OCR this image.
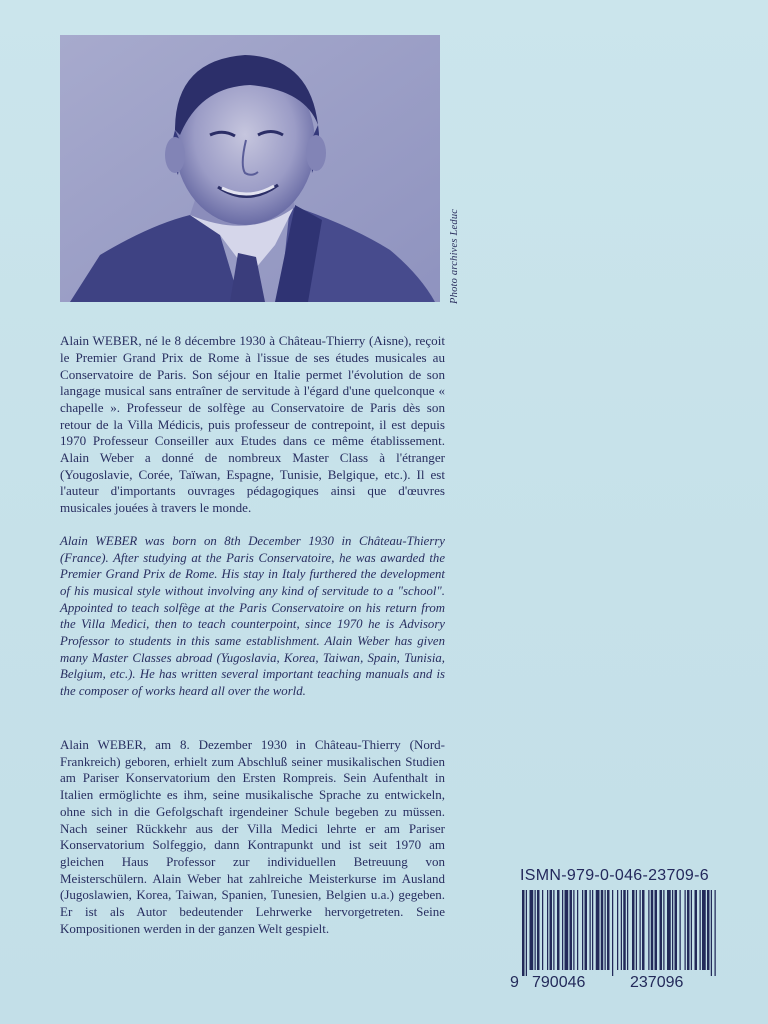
Photo archives Leduc

Alain WEBER, né le 8 décembre 1930 à Château-Thierry (Aisne), reçoit le Premier Grand Prix de Rome à l'issue de ses études musicales au Conservatoire de Paris. Son séjour en Italie permet l'évolution de son langage musical sans entraîner de servitude à l'égard d'une quelconque « chapelle ». Professeur de solfège au Conservatoire de Paris dès son retour de la Villa Médicis, puis professeur de contrepoint, il est depuis 1970 Professeur Conseiller aux Etudes dans ce même établissement. Alain Weber a donné de nombreux Master Class à l'étranger (Yougoslavie, Corée, Taïwan, Espagne, Tunisie, Belgique, etc.). Il est l'auteur d'importants ouvrages pédagogiques ainsi que d'œuvres musicales jouées à travers le monde.

Alain WEBER was born on 8th December 1930 in Château-Thierry (France). After studying at the Paris Conservatoire, he was awarded the Premier Grand Prix de Rome. His stay in Italy furthered the development of his musical style without involving any kind of servitude to a "school". Appointed to teach solfège at the Paris Conservatoire on his return from the Villa Medici, then to teach counterpoint, since 1970 he is Advisory Professor to students in this same establishment. Alain Weber has given many Master Classes abroad (Yugoslavia, Korea, Taiwan, Spain, Tunisia, Belgium, etc.). He has written several important teaching manuals and is the composer of works heard all over the world.

Alain WEBER, am 8. Dezember 1930 in Château-Thierry (Nord-Frankreich) geboren, erhielt zum Abschluß seiner musikalischen Studien am Pariser Konservatorium den Ersten Rompreis. Sein Aufenthalt in Italien ermöglichte es ihm, seine musikalische Sprache zu entwickeln, ohne sich in die Gefolgschaft irgendeiner Schule begeben zu müssen. Nach seiner Rückkehr aus der Villa Medici lehrte er am Pariser Konservatorium Solfeggio, dann Kontrapunkt und ist seit 1970 am gleichen Haus Professor zur individuellen Betreuung von Meisterschülern. Alain Weber hat zahlreiche Meisterkurse im Ausland (Jugoslawien, Korea, Taiwan, Spanien, Tunesien, Belgien u.a.) gegeben. Er ist als Autor bedeutender Lehrwerke hervorgetreten. Seine Kompositionen werden in der ganzen Welt gespielt.

ISMN-979-0-046-23709-6
9 790046	237096
